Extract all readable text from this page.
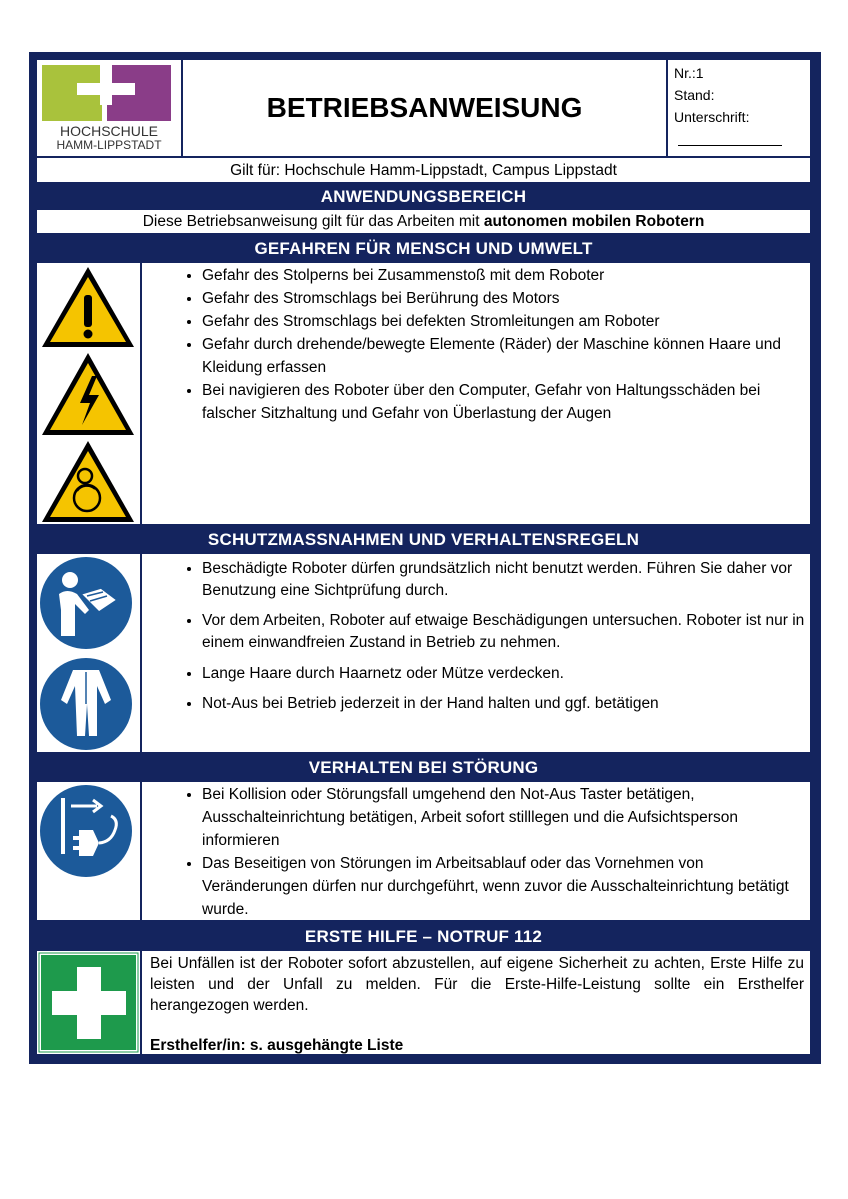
HOCHSCHULE
HAMM-LIPPSTADT
BETRIEBSANWEISUNG
Nr.:1
Stand:
Unterschrift:
Gilt für: Hochschule Hamm-Lippstadt, Campus Lippstadt
ANWENDUNGSBEREICH
Diese Betriebsanweisung gilt für das Arbeiten mit autonomen mobilen Robotern
GEFAHREN FÜR MENSCH UND UMWELT
• Gefahr des Stolperns bei Zusammenstoß mit dem Roboter
• Gefahr des Stromschlags bei Berührung des Motors
• Gefahr des Stromschlags bei defekten Stromleitungen am Roboter
• Gefahr durch drehende/bewegte Elemente (Räder) der Maschine können Haare und Kleidung erfassen
• Bei navigieren des Roboter über den Computer, Gefahr von Haltungsschäden bei falscher Sitzhaltung und Gefahr von Überlastung der Augen
SCHUTZMASSNAHMEN UND VERHALTENSREGELN
• Beschädigte Roboter dürfen grundsätzlich nicht benutzt werden. Führen Sie daher vor Benutzung eine Sichtprüfung durch.
• Vor dem Arbeiten, Roboter auf etwaige Beschädigungen untersuchen. Roboter ist nur in einem einwandfreien Zustand in Betrieb zu nehmen.
• Lange Haare durch Haarnetz oder Mütze verdecken.
• Not-Aus bei Betrieb jederzeit in der Hand halten und ggf. betätigen
VERHALTEN BEI STÖRUNG
• Bei Kollision oder Störungsfall umgehend den Not-Aus Taster betätigen, Ausschalteinrichtung betätigen, Arbeit sofort stilllegen und die Aufsichtsperson informieren
• Das Beseitigen von Störungen im Arbeitsablauf oder das Vornehmen von Veränderungen dürfen nur durchgeführt, wenn zuvor die Ausschalteinrichtung betätigt wurde.
ERSTE HILFE – NOTRUF 112
Bei Unfällen ist der Roboter sofort abzustellen, auf eigene Sicherheit zu achten, Erste Hilfe zu leisten und der Unfall zu melden. Für die Erste-Hilfe-Leistung sollte ein Ersthelfer herangezogen werden.
Ersthelfer/in: s. ausgehängte Liste
